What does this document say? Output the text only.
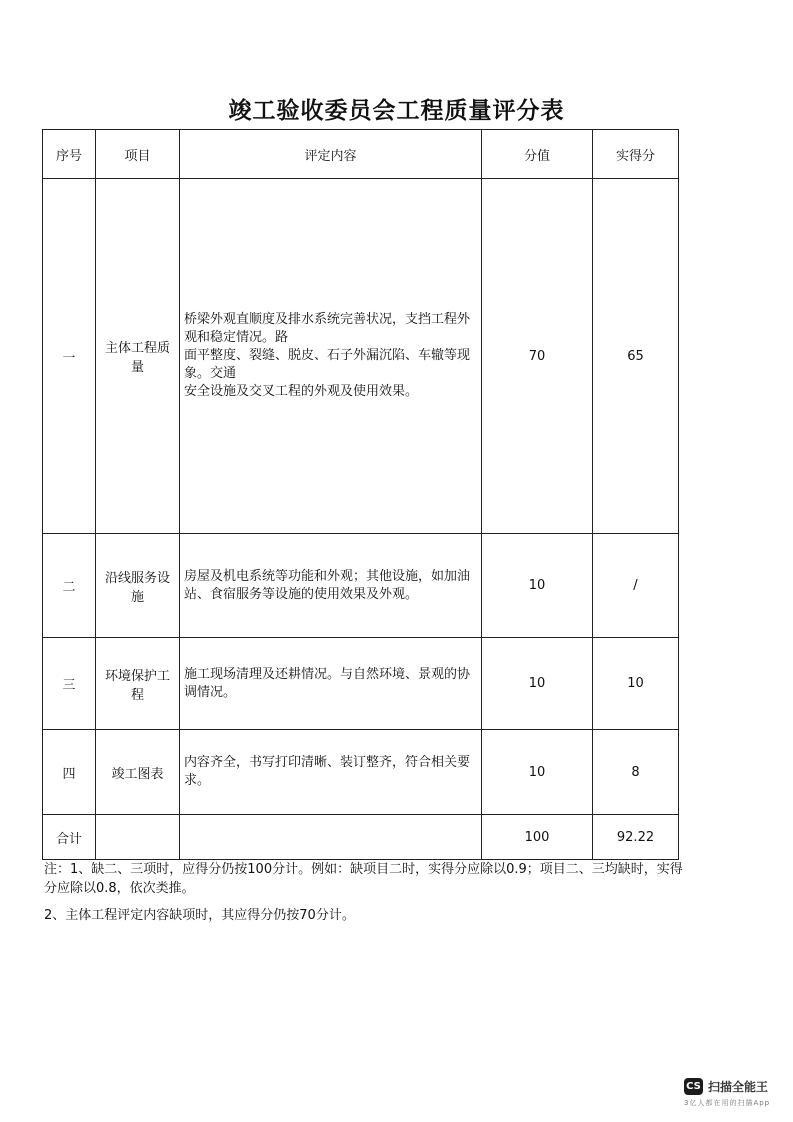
竣工验收委员会工程质量评分表
序号	项目	评定内容	分值	实得分
一	主体工程质量	桥梁外观直顺度及排水系统完善状况，支挡工程外观和稳定情况。路
面平整度、裂缝、脱皮、石子外漏沉陷、车辙等现象。交通
安全设施及交叉工程的外观及使用效果。	70	65
二	沿线服务设施	房屋及机电系统等功能和外观；其他设施，如加油站、食宿服务等设施的使用效果及外观。	10	/
三	环境保护工程	施工现场清理及还耕情况。与自然环境、景观的协调情况。	10	10
四	竣工图表	内容齐全，书写打印清晰、装订整齐，符合相关要求。	10	8
合计			100	92.22

注：1、缺二、三项时，应得分仍按100分计。例如：缺项目二时，实得分应除以0.9；项目二、三均缺时，实得分应除以0.8，依次类推。

2、主体工程评定内容缺项时，其应得分仍按70分计。

CS 扫描全能王
3亿人都在用的扫描App
